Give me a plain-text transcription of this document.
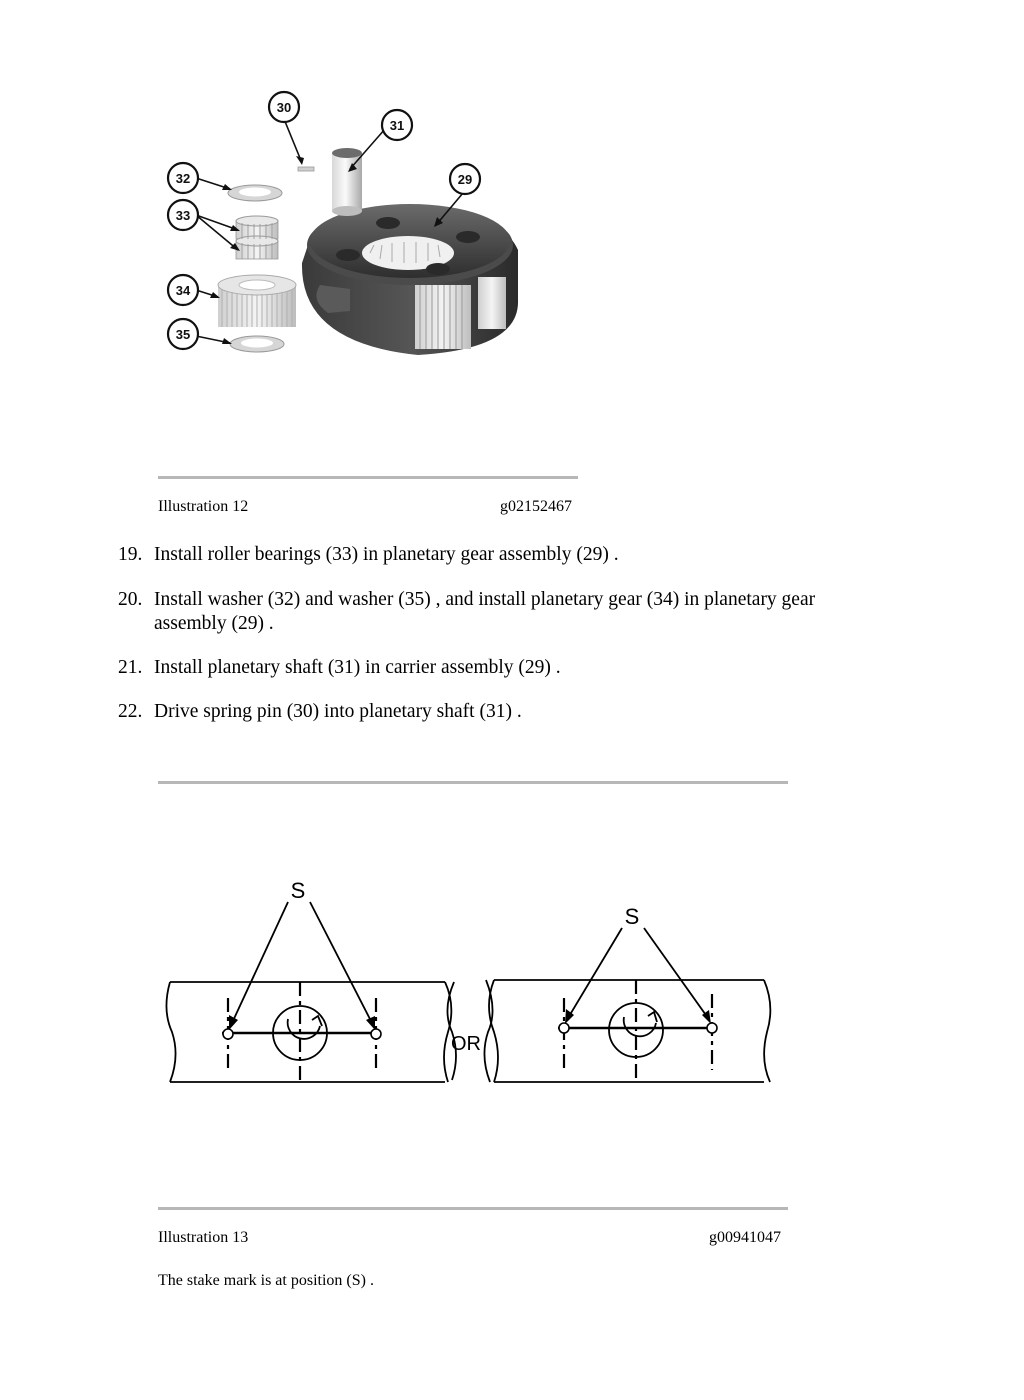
30
31
32
33
34
35
29
Illustration 12	g02152467
19. Install roller bearings (33) in planetary gear assembly (29) .
20. Install washer (32) and washer (35) , and install planetary gear (34) in planetary gear assembly (29) .
21. Install planetary shaft (31) in carrier assembly (29) .
22. Drive spring pin (30) into planetary shaft (31) .
S
S
OR
Illustration 13	g00941047
The stake mark is at position (S) .
